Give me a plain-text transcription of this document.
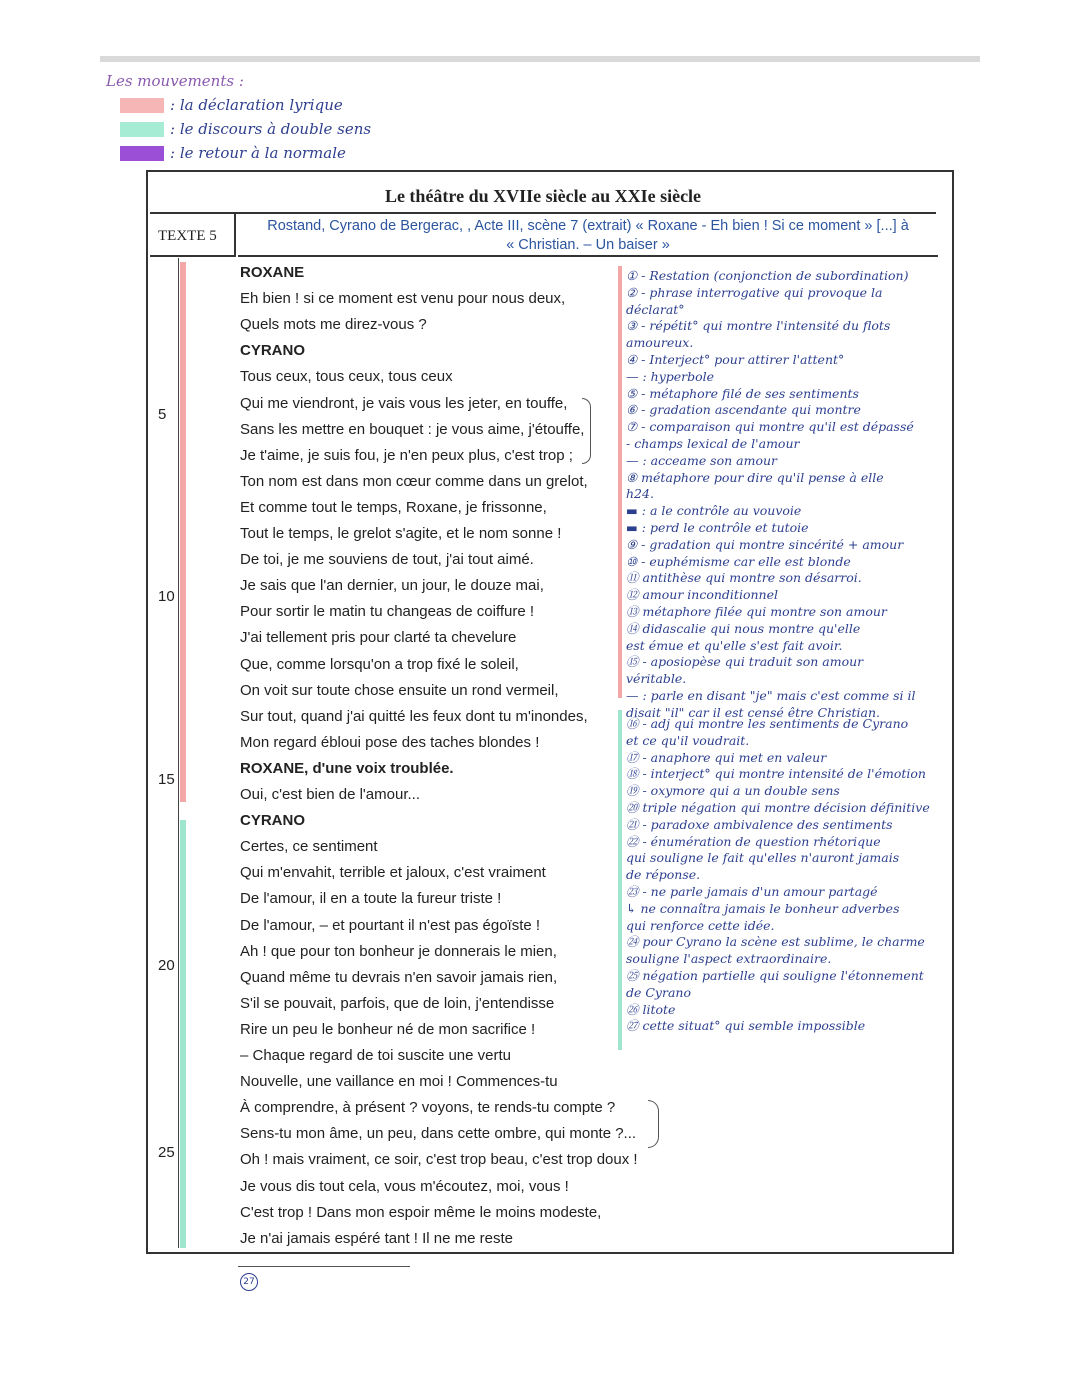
Les mouvements :
: la déclaration lyrique
: le discours à double sens
: le retour à la normale
Le théâtre du XVIIe siècle au XXIe siècle
TEXTE 5
Rostand, Cyrano de Bergerac, , Acte III, scène 7 (extrait) « Roxane - Eh bien ! Si ce moment » [...] à
« Christian. – Un baiser »
5
10
15
20
25
ROXANE
Eh bien ! si ce moment est venu pour nous deux,
Quels mots me direz-vous ?
CYRANO
Tous ceux, tous ceux, tous ceux
Qui me viendront, je vais vous les jeter, en touffe,
Sans les mettre en bouquet : je vous aime, j'étouffe,
Je t'aime, je suis fou, je n'en peux plus, c'est trop ;
Ton nom est dans mon cœur comme dans un grelot,
Et comme tout le temps, Roxane, je frissonne,
Tout le temps, le grelot s'agite, et le nom sonne !
De toi, je me souviens de tout, j'ai tout aimé.
Je sais que l'an dernier, un jour, le douze mai,
Pour sortir le matin tu changeas de coiffure !
J'ai tellement pris pour clarté ta chevelure
Que, comme lorsqu'on a trop fixé le soleil,
On voit sur toute chose ensuite un rond vermeil,
Sur tout, quand j'ai quitté les feux dont tu m'inondes,
Mon regard ébloui pose des taches blondes !
ROXANE, d'une voix troublée.
Oui, c'est bien de l'amour...
CYRANO
Certes, ce sentiment
Qui m'envahit, terrible et jaloux, c'est vraiment
De l'amour, il en a toute la fureur triste !
De l'amour, – et pourtant il n'est pas égoïste !
Ah ! que pour ton bonheur je donnerais le mien,
Quand même tu devrais n'en savoir jamais rien,
S'il se pouvait, parfois, que de loin, j'entendisse
Rire un peu le bonheur né de mon sacrifice !
– Chaque regard de toi suscite une vertu
Nouvelle, une vaillance en moi ! Commences-tu
À comprendre, à présent ? voyons, te rends-tu compte ?
Sens-tu mon âme, un peu, dans cette ombre, qui monte ?...
Oh ! mais vraiment, ce soir, c'est trop beau, c'est trop doux !
Je vous dis tout cela, vous m'écoutez, moi, vous !
C'est trop ! Dans mon espoir même le moins modeste,
Je n'ai jamais espéré tant ! Il ne me reste
① - Restation (conjonction de subordination)
② - phrase interrogative qui provoque la
déclarat°
③ - répétit° qui montre l'intensité du flots
amoureux.
④ - Interject° pour attirer l'attent°
— : hyperbole
⑤ - métaphore filé de ses sentiments
⑥ - gradation ascendante qui montre
⑦ - comparaison qui montre qu'il est dépassé
- champs lexical de l'amour
— : acceame son amour
⑧ métaphore pour dire qu'il pense à elle
h24.
▬ : a le contrôle au vouvoie
▬ : perd le contrôle et tutoie
⑨ - gradation qui montre sincérité + amour
⑩ - euphémisme car elle est blonde
⑪ antithèse qui montre son désarroi.
⑫ amour inconditionnel
⑬ métaphore filée qui montre son amour
⑭ didascalie qui nous montre qu'elle
est émue et qu'elle s'est fait avoir.
⑮ - aposiopèse qui traduit son amour
véritable.
— : parle en disant "je" mais c'est comme si il
disait "il" car il est censé être Christian.
⑯ - adj qui montre les sentiments de Cyrano
et ce qu'il voudrait.
⑰ - anaphore qui met en valeur
⑱ - interject° qui montre intensité de l'émotion
⑲ - oxymore qui a un double sens
⑳ triple négation qui montre décision définitive
㉑ - paradoxe ambivalence des sentiments
㉒ - énumération de question rhétorique
qui souligne le fait qu'elles n'auront jamais
de réponse.
㉓ - ne parle jamais d'un amour partagé
↳ ne connaîtra jamais le bonheur adverbes
qui renforce cette idée.
㉔ pour Cyrano la scène est sublime, le charme
souligne l'aspect extraordinaire.
㉕ négation partielle qui souligne l'étonnement
de Cyrano
㉖ litote
㉗ cette situat° qui semble impossible
27
